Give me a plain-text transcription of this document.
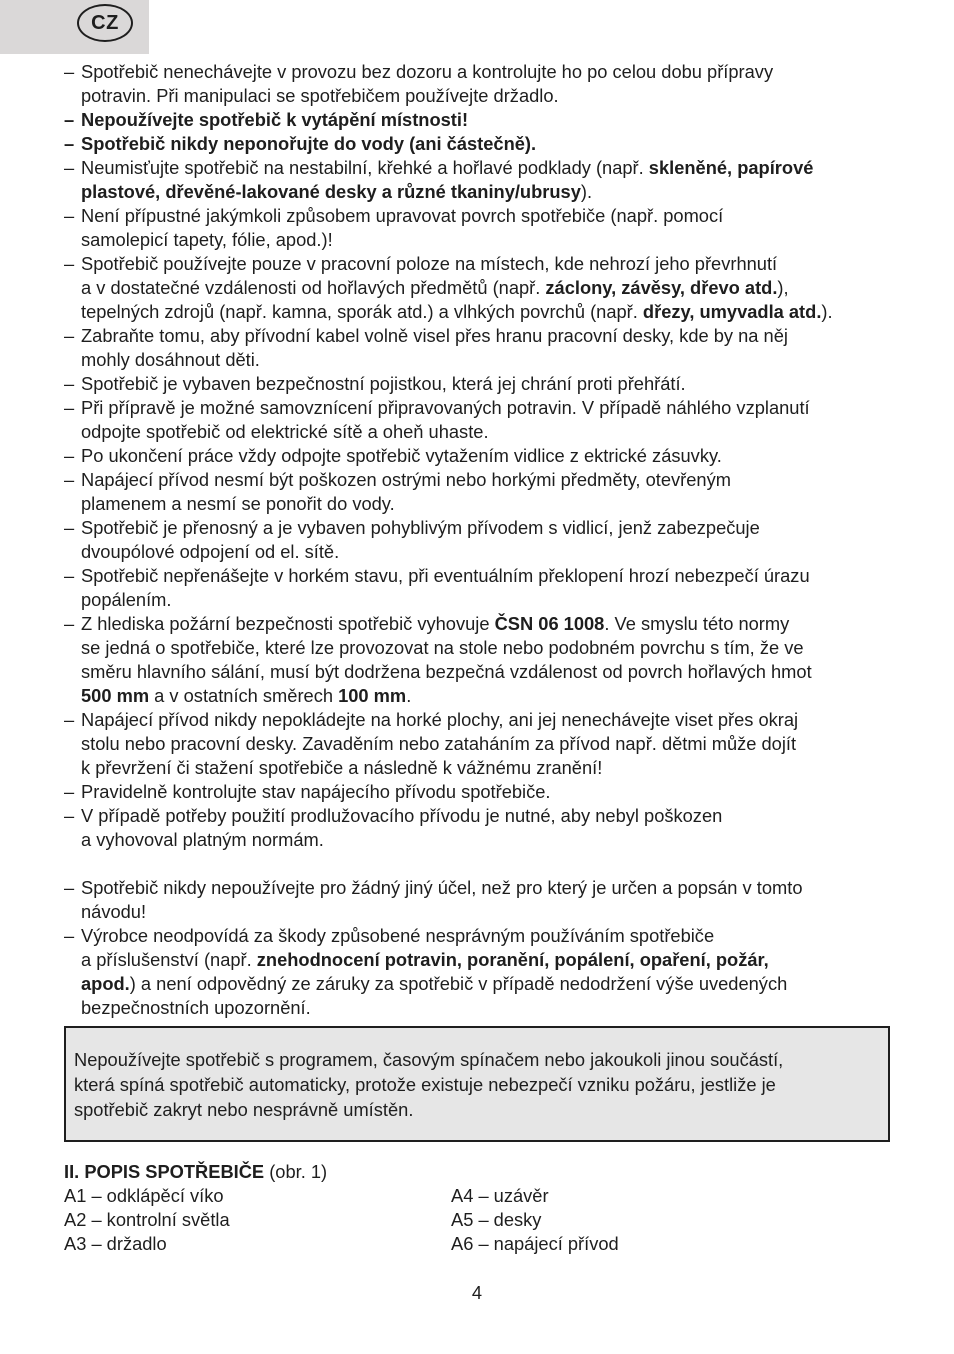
CZ
– Spotřebič nenechávejte v provozu bez dozoru a kontrolujte ho po celou dobu přípravy
potravin. Při manipulaci se spotřebičem používejte držadlo.
– Nepoužívejte spotřebič k vytápění místnosti!
– Spotřebič nikdy neponořujte do vody (ani částečně).
– Neumisťujte spotřebič na nestabilní, křehké a hořlavé podklady (např. skleněné, papírové
plastové, dřevěné-lakované desky a různé tkaniny/ubrusy).
– Není přípustné jakýmkoli způsobem upravovat povrch spotřebiče (např. pomocí
samolepicí tapety, fólie, apod.)!
– Spotřebič používejte pouze v pracovní poloze na místech, kde nehrozí jeho převrhnutí
a v dostatečné vzdálenosti od hořlavých předmětů (např. záclony, závěsy, dřevo atd.),
tepelných zdrojů (např. kamna, sporák atd.) a vlhkých povrchů (např. dřezy, umyvadla atd.).
– Zabraňte tomu, aby přívodní kabel volně visel přes hranu pracovní desky, kde by na něj
mohly dosáhnout děti.
– Spotřebič je vybaven bezpečnostní pojistkou, která jej chrání proti přehřátí.
– Při přípravě je možné samovznícení připravovaných potravin. V případě náhlého vzplanutí
odpojte spotřebič od elektrické sítě a oheň uhaste.
– Po ukončení práce vždy odpojte spotřebič vytažením vidlice z ektrické zásuvky.
– Napájecí přívod nesmí být poškozen ostrými nebo horkými předměty, otevřeným
plamenem a nesmí se ponořit do vody.
– Spotřebič je přenosný a je vybaven pohyblivým přívodem s vidlicí, jenž zabezpečuje
dvoupólové odpojení od el. sítě.
– Spotřebič nepřenášejte v horkém stavu, při eventuálním překlopení hrozí nebezpečí úrazu
popálením.
– Z hlediska požární bezpečnosti spotřebič vyhovuje ČSN 06 1008. Ve smyslu této normy
se jedná o spotřebiče, které lze provozovat na stole nebo podobném povrchu s tím, že ve
směru hlavního sálání, musí být dodržena bezpečná vzdálenost od povrch hořlavých hmot
500 mm a v ostatních směrech 100 mm.
– Napájecí přívod nikdy nepokládejte na horké plochy, ani jej nenechávejte viset přes okraj
stolu nebo pracovní desky. Zavaděním nebo zataháním za přívod např. dětmi může dojít
k převržení či stažení spotřebiče a následně k vážnému zranění!
– Pravidelně kontrolujte stav napájecího přívodu spotřebiče.
– V případě potřeby použití prodlužovacího přívodu je nutné, aby nebyl poškozen
a vyhovoval platným normám.
– Spotřebič nikdy nepoužívejte pro žádný jiný účel, než pro který je určen a popsán v tomto
návodu!
– Výrobce neodpovídá za škody způsobené nesprávným používáním spotřebiče
a příslušenství (např. znehodnocení potravin, poranění, popálení, opaření, požár,
apod.) a není odpovědný ze záruky za spotřebič v případě nedodržení výše uvedených
bezpečnostních upozornění.
Nepoužívejte spotřebič s programem, časovým spínačem nebo jakoukoli jinou součástí,
která spíná spotřebič automaticky, protože existuje nebezpečí vzniku požáru, jestliže je
spotřebič zakryt nebo nesprávně umístěn.
II. POPIS SPOTŘEBIČE (obr. 1)
A1 – odklápěcí víko	A4 – uzávěr
A2 – kontrolní světla	A5 – desky
A3 – držadlo	A6 – napájecí přívod
4
